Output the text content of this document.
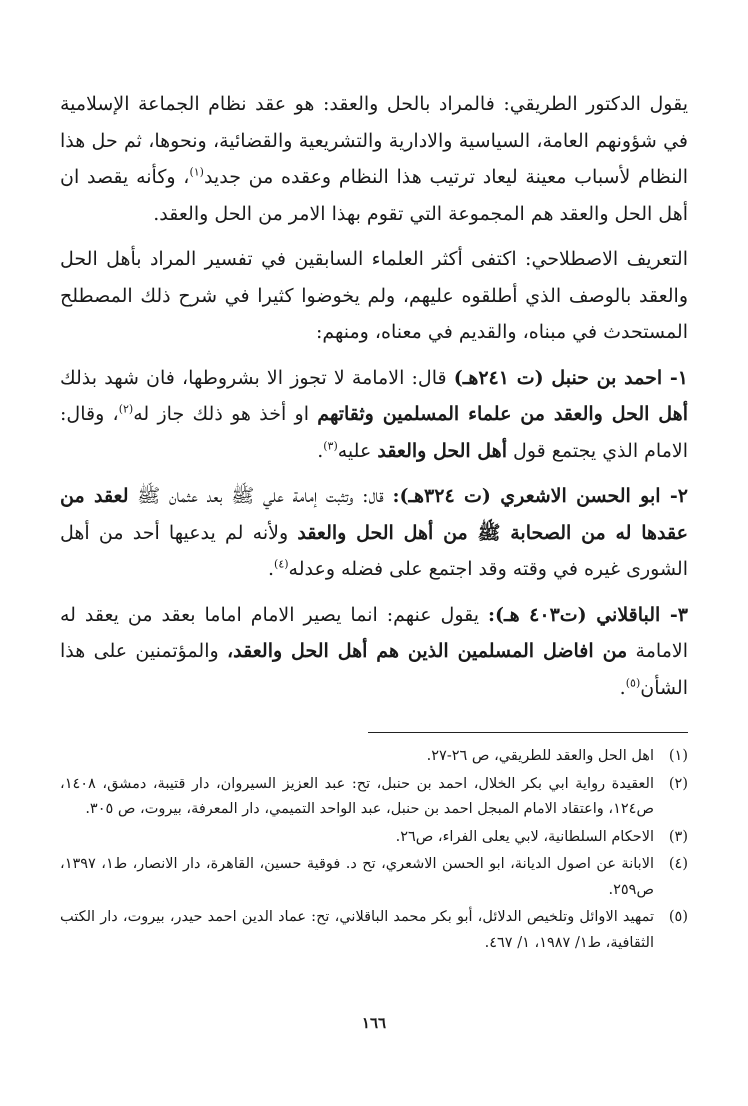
يقول الدكتور الطريقي: فالمراد بالحل والعقد: هو عقد نظام الجماعة الإسلامية في شؤونهم العامة، السياسية والادارية والتشريعية والقضائية، ونحوها، ثم حل هذا النظام لأسباب معينة ليعاد ترتيب هذا النظام وعقده من جديد$^{(١)}$، وكأنه يقصد ان أهل الحل والعقد هم المجموعة التي تقوم بهذا الامر من الحل والعقد.

التعريف الاصطلاحي: اكتفى أكثر العلماء السابقين في تفسير المراد بأهل الحل والعقد بالوصف الذي أطلقوه عليهم، ولم يخوضوا كثيرا في شرح ذلك المصطلح المستحدث في مبناه، والقديم في معناه، ومنهم:

١- احمد بن حنبل (ت ٢٤١هـ) قال: الامامة لا تجوز الا بشروطها، فان شهد بذلك أهل الحل والعقد من علماء المسلمين وثقاتهم او أخذ هو ذلك جاز له$^{(٢)}$، وقال: الامام الذي يجتمع قول أهل الحل والعقد عليه$^{(٣)}$.

٢- ابو الحسن الاشعري (ت ٣٢٤هـ): قال: وتثبت إمامة علي ﷺ بعد عثمان ﷺ لعقد من عقدها له من الصحابة ﷺ من أهل الحل والعقد ولأنه لم يدعيها أحد من أهل الشورى غيره في وقته وقد اجتمع على فضله وعدله$^{(٤)}$.

٣- الباقلاني (ت٤٠٣ هـ): يقول عنهم: انما يصير الامام اماما بعقد من يعقد له الامامة من افاضل المسلمين الذين هم أهل الحل والعقد، والمؤتمنين على هذا الشأن$^{(٥)}$.

(١)
اهل الحل والعقد للطريقي، ص ٢٦-٢٧.
(٢)
العقيدة رواية ابي بكر الخلال، احمد بن حنبل، تح: عبد العزيز السيروان، دار قتيبة، دمشق، ١٤٠٨، ص١٢٤، واعتقاد الامام المبجل احمد بن حنبل، عبد الواحد التميمي، دار المعرفة، بيروت، ص ٣٠٥.
(٣)
الاحكام السلطانية، لابي يعلى الفراء، ص٢٦.
(٤)
الابانة عن اصول الديانة، ابو الحسن الاشعري، تح د. فوقية حسين، القاهرة، دار الانصار، ط١، ١٣٩٧، ص٢٥٩.
(٥)
تمهيد الاوائل وتلخيص الدلائل، أبو بكر محمد الباقلاني، تح: عماد الدين احمد حيدر، بيروت، دار الكتب الثقافية، ط١/ ١٩٨٧، ١/ ٤٦٧.
١٦٦
